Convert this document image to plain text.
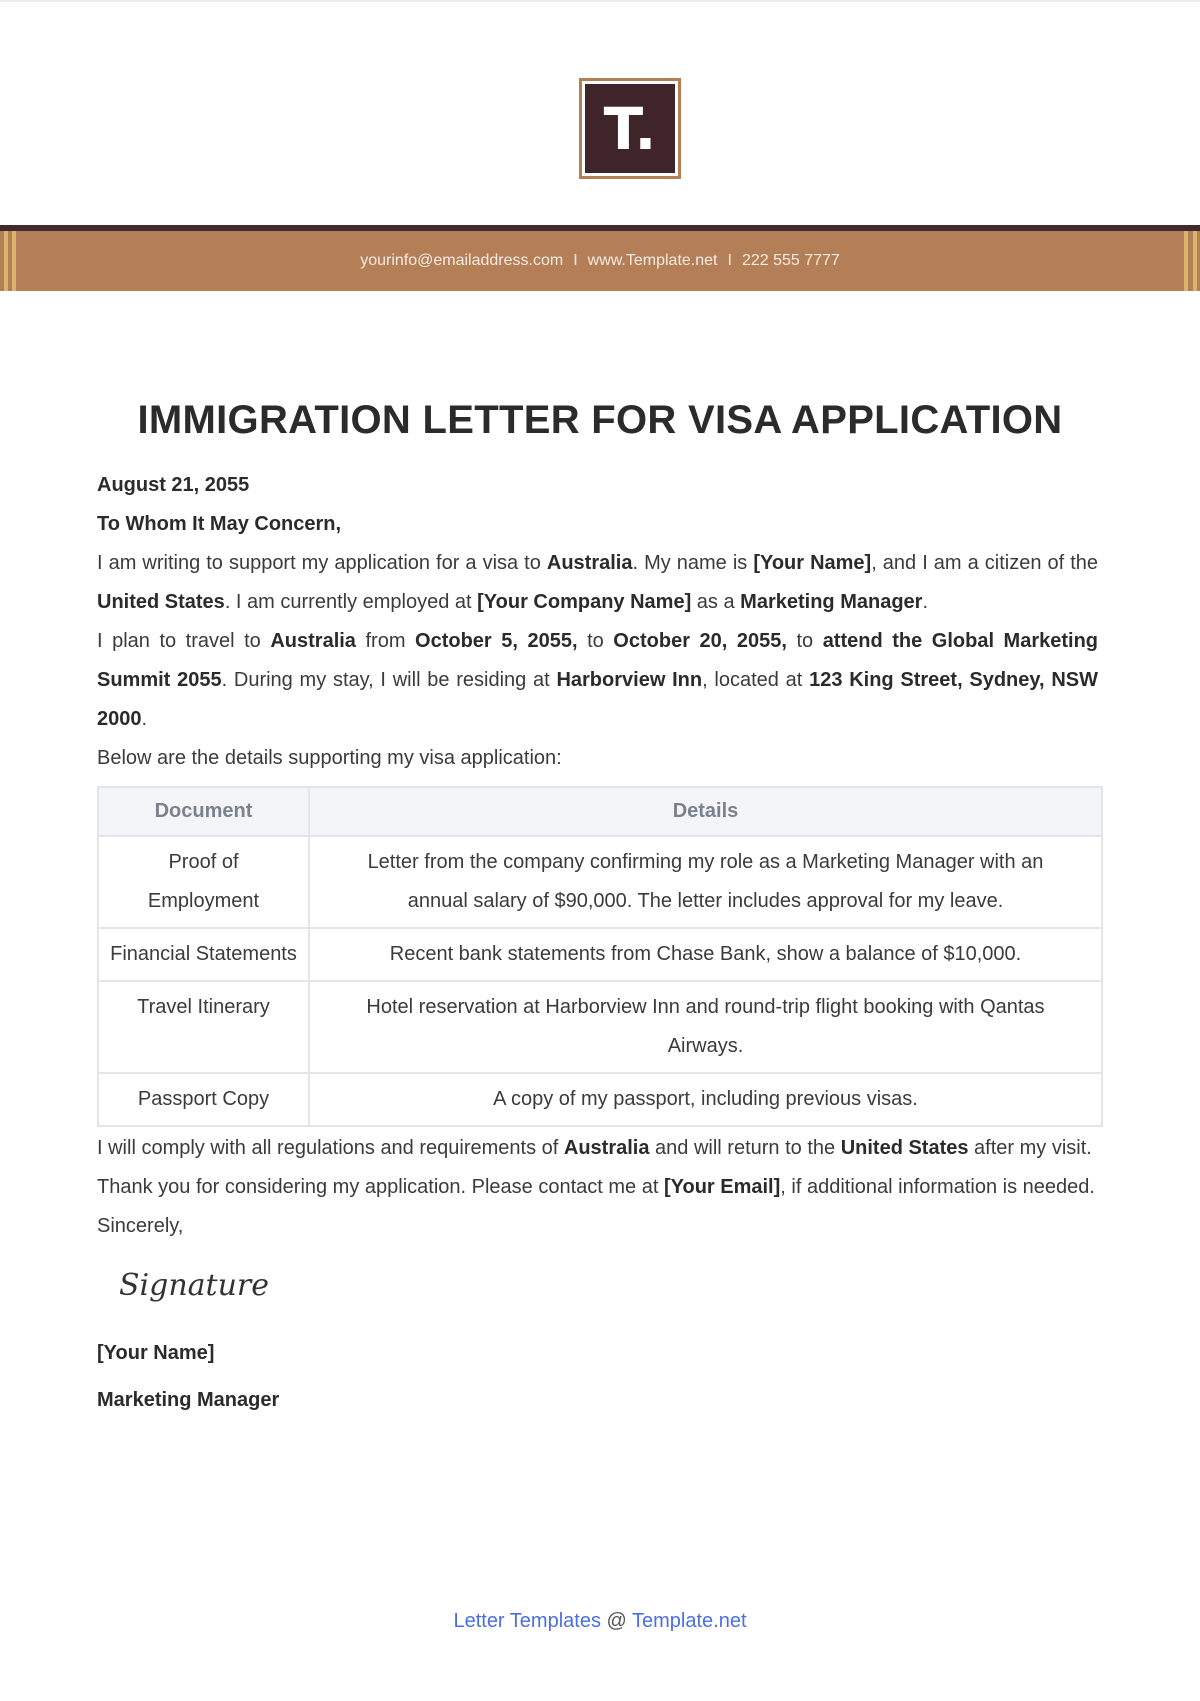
T.
yourinfo@emailaddress.com I www.Template.net I 222 555 7777
IMMIGRATION LETTER FOR VISA APPLICATION

August 21, 2055

To Whom It May Concern,

I am writing to support my application for a visa to Australia. My name is [Your Name], and I am a citizen of the United States. I am currently employed at [Your Company Name] as a Marketing Manager.

I plan to travel to Australia from October 5, 2055, to October 20, 2055, to attend the Global Marketing Summit 2055. During my stay, I will be residing at Harborview Inn, located at 123 King Street, Sydney, NSW 2000.

Below are the details supporting my visa application:

Document	Details
Proof of Employment	Letter from the company confirming my role as a Marketing Manager with an annual salary of $90,000. The letter includes approval for my leave.
Financial Statements	Recent bank statements from Chase Bank, show a balance of $10,000.
Travel Itinerary	Hotel reservation at Harborview Inn and round-trip flight booking with Qantas Airways.
Passport Copy	A copy of my passport, including previous visas.

I will comply with all regulations and requirements of Australia and will return to the United States after my visit.

Thank you for considering my application. Please contact me at [Your Email], if additional information is needed.

Sincerely,

Signature

[Your Name]

Marketing Manager

Letter Templates @ Template.net
